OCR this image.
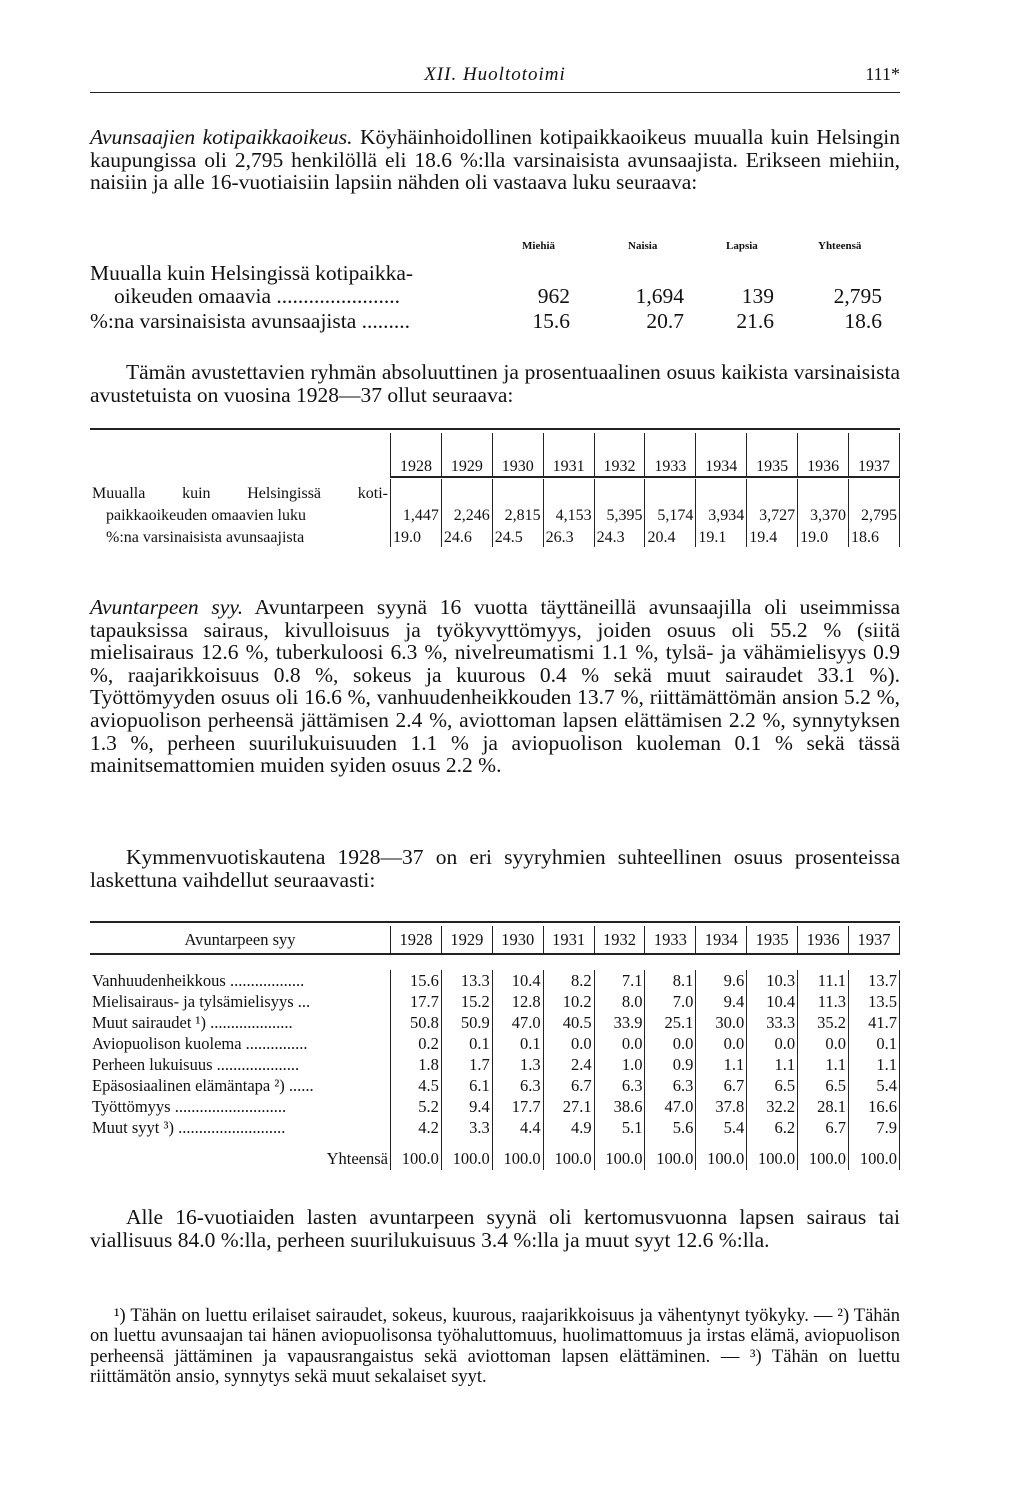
XII. Huoltotoimi	111*

Avunsaajien kotipaikkaoikeus. Köyhäinhoidollinen kotipaikkaoikeus muualla kuin Helsingin kaupungissa oli 2,795 henkilöllä eli 18.6 %:lla varsinaisista avunsaajista. Erikseen miehiin, naisiin ja alle 16-vuotiaisiin lapsiin nähden oli vastaava luku seuraava:

Miehiä	Naisia	Lapsia	Yhteensä
Muualla kuin Helsingissä kotipaikka-
oikeuden omaavia .......................	962	1,694	139	2,795
%:na varsinaisista avunsaajista .........	15.6	20.7	21.6	18.6
Tämän avustettavien ryhmän absoluuttinen ja prosentuaalinen osuus kaikista varsinaisista avustetuista on vuosina 1928—37 ollut seuraava:

	1928	1929	1930	1931	1932	1933	1934	1935	1936	1937

Muualla kuin Helsingissä koti-										
paikkaoikeuden omaavien luku	1,447	2,246	2,815	4,153	5,395	5,174	3,934	3,727	3,370	2,795
%:na varsinaisista avunsaajista	19.0	24.6	24.5	26.3	24.3	20.4	19.1	19.4	19.0	18.6

Avuntarpeen syy. Avuntarpeen syynä 16 vuotta täyttäneillä avunsaajilla oli useimmissa tapauksissa sairaus, kivulloisuus ja työkyvyttömyys, joiden osuus oli 55.2 % (siitä mielisairaus 12.6 %, tuberkuloosi 6.3 %, nivelreumatismi 1.1 %, tylsä- ja vähämielisyys 0.9 %, raajarikkoisuus 0.8 %, sokeus ja kuurous 0.4 % sekä muut sairaudet 33.1 %). Työttömyyden osuus oli 16.6 %, vanhuudenheikkouden 13.7 %, riittämättömän ansion 5.2 %, aviopuolison perheensä jättämisen 2.4 %, aviottoman lapsen elättämisen 2.2 %, synnytyksen 1.3 %, perheen suurilukuisuuden 1.1 % ja aviopuolison kuoleman 0.1 % sekä tässä mainitsemattomien muiden syiden osuus 2.2 %.

Kymmenvuotiskautena 1928—37 on eri syyryhmien suhteellinen osuus prosenteissa laskettuna vaihdellut seuraavasti:

Avuntarpeen syy	1928	1929	1930	1931	1932	1933	1934	1935	1936	1937

Vanhuudenheikkous ..................	15.6	13.3	10.4	8.2	7.1	8.1	9.6	10.3	11.1	13.7
Mielisairaus- ja tylsämielisyys ...	17.7	15.2	12.8	10.2	8.0	7.0	9.4	10.4	11.3	13.5
Muut sairaudet ¹) ....................	50.8	50.9	47.0	40.5	33.9	25.1	30.0	33.3	35.2	41.7
Aviopuolison kuolema ...............	0.2	0.1	0.1	0.0	0.0	0.0	0.0	0.0	0.0	0.1
Perheen lukuisuus ....................	1.8	1.7	1.3	2.4	1.0	0.9	1.1	1.1	1.1	1.1
Epäsosiaalinen elämäntapa ²) ......	4.5	6.1	6.3	6.7	6.3	6.3	6.7	6.5	6.5	5.4
Työttömyys ...........................	5.2	9.4	17.7	27.1	38.6	47.0	37.8	32.2	28.1	16.6
Muut syyt ³) ..........................	4.2	3.3	4.4	4.9	5.1	5.6	5.4	6.2	6.7	7.9

Yhteensä	100.0	100.0	100.0	100.0	100.0	100.0	100.0	100.0	100.0	100.0
Alle 16-vuotiaiden lasten avuntarpeen syynä oli kertomusvuonna lapsen sairaus tai viallisuus 84.0 %:lla, perheen suurilukuisuus 3.4 %:lla ja muut syyt 12.6 %:lla.
¹) Tähän on luettu erilaiset sairaudet, sokeus, kuurous, raajarikkoisuus ja vähentynyt työkyky. — ²) Tähän on luettu avunsaajan tai hänen aviopuolisonsa työhaluttomuus, huolimattomuus ja irstas elämä, aviopuolison perheensä jättäminen ja vapausrangaistus sekä aviottoman lapsen elättäminen. — ³) Tähän on luettu riittämätön ansio, synnytys sekä muut sekalaiset syyt.
